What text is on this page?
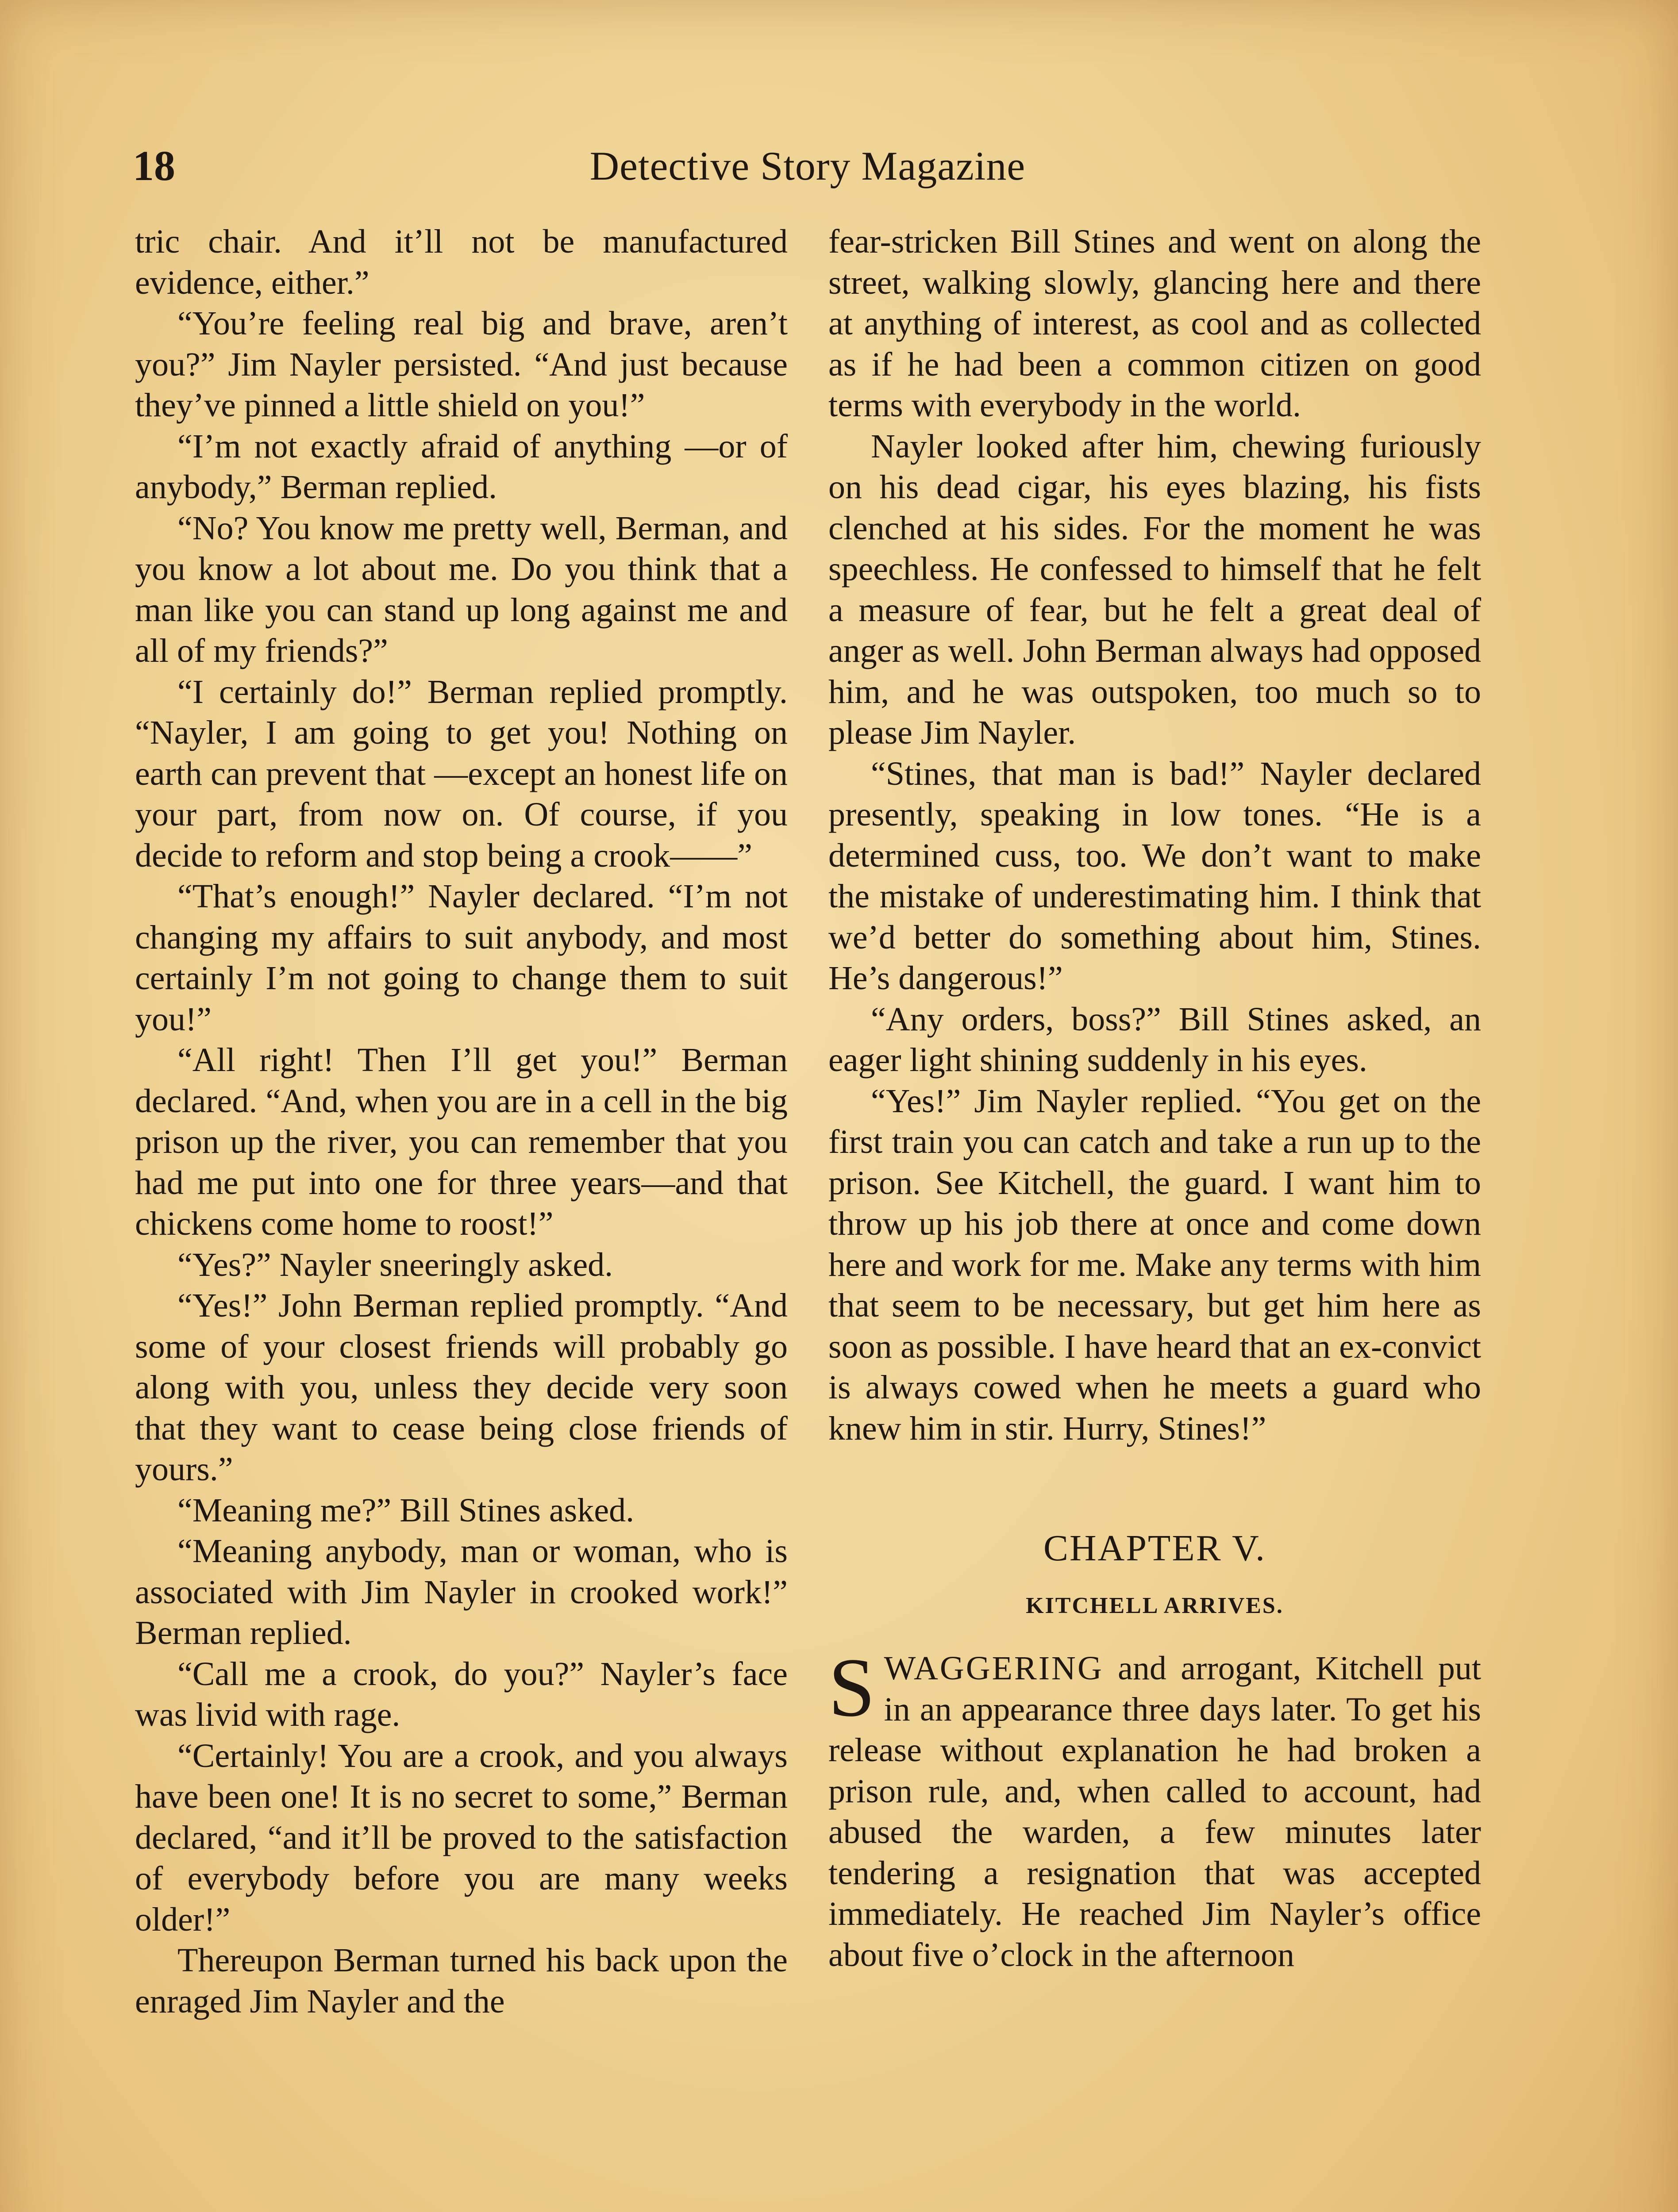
18	Detective Story Magazine

tric chair. And it’ll not be manufactured evidence, either.”

“You’re feeling real big and brave, aren’t you?” Jim Nayler persisted. “And just because they’ve pinned a little shield on you!”

“I’m not exactly afraid of anything —or of anybody,” Berman replied.

“No? You know me pretty well, Berman, and you know a lot about me. Do you think that a man like you can stand up long against me and all of my friends?”

“I certainly do!” Berman replied promptly. “Nayler, I am going to get you! Nothing on earth can prevent that —except an honest life on your part, from now on. Of course, if you decide to reform and stop being a crook——”

“That’s enough!” Nayler declared. “I’m not changing my affairs to suit anybody, and most certainly I’m not going to change them to suit you!”

“All right! Then I’ll get you!” Berman declared. “And, when you are in a cell in the big prison up the river, you can remember that you had me put into one for three years—and that chickens come home to roost!”

“Yes?” Nayler sneeringly asked.

“Yes!” John Berman replied promptly. “And some of your closest friends will probably go along with you, unless they decide very soon that they want to cease being close friends of yours.”

“Meaning me?” Bill Stines asked.

“Meaning anybody, man or woman, who is associated with Jim Nayler in crooked work!” Berman replied.

“Call me a crook, do you?” Nayler’s face was livid with rage.

“Certainly! You are a crook, and you always have been one! It is no secret to some,” Berman declared, “and it’ll be proved to the satisfaction of everybody before you are many weeks older!”

Thereupon Berman turned his back upon the enraged Jim Nayler and the

fear-stricken Bill Stines and went on along the street, walking slowly, glancing here and there at anything of interest, as cool and as collected as if he had been a common citizen on good terms with everybody in the world.

Nayler looked after him, chewing furiously on his dead cigar, his eyes blazing, his fists clenched at his sides. For the moment he was speechless. He confessed to himself that he felt a measure of fear, but he felt a great deal of anger as well. John Berman always had opposed him, and he was outspoken, too much so to please Jim Nayler.

“Stines, that man is bad!” Nayler declared presently, speaking in low tones. “He is a determined cuss, too. We don’t want to make the mistake of underestimating him. I think that we’d better do something about him, Stines. He’s dangerous!”

“Any orders, boss?” Bill Stines asked, an eager light shining suddenly in his eyes.

“Yes!” Jim Nayler replied. “You get on the first train you can catch and take a run up to the prison. See Kitchell, the guard. I want him to throw up his job there at once and come down here and work for me. Make any terms with him that seem to be necessary, but get him here as soon as possible. I have heard that an ex-convict is always cowed when he meets a guard who knew him in stir. Hurry, Stines!”

CHAPTER V.
KITCHELL ARRIVES.

SWAGGERING and arrogant, Kitchell put in an appearance three days later. To get his release without explanation he had broken a prison rule, and, when called to account, had abused the warden, a few minutes later tendering a resignation that was accepted immediately. He reached Jim Nayler’s office about five o’clock in the afternoon
